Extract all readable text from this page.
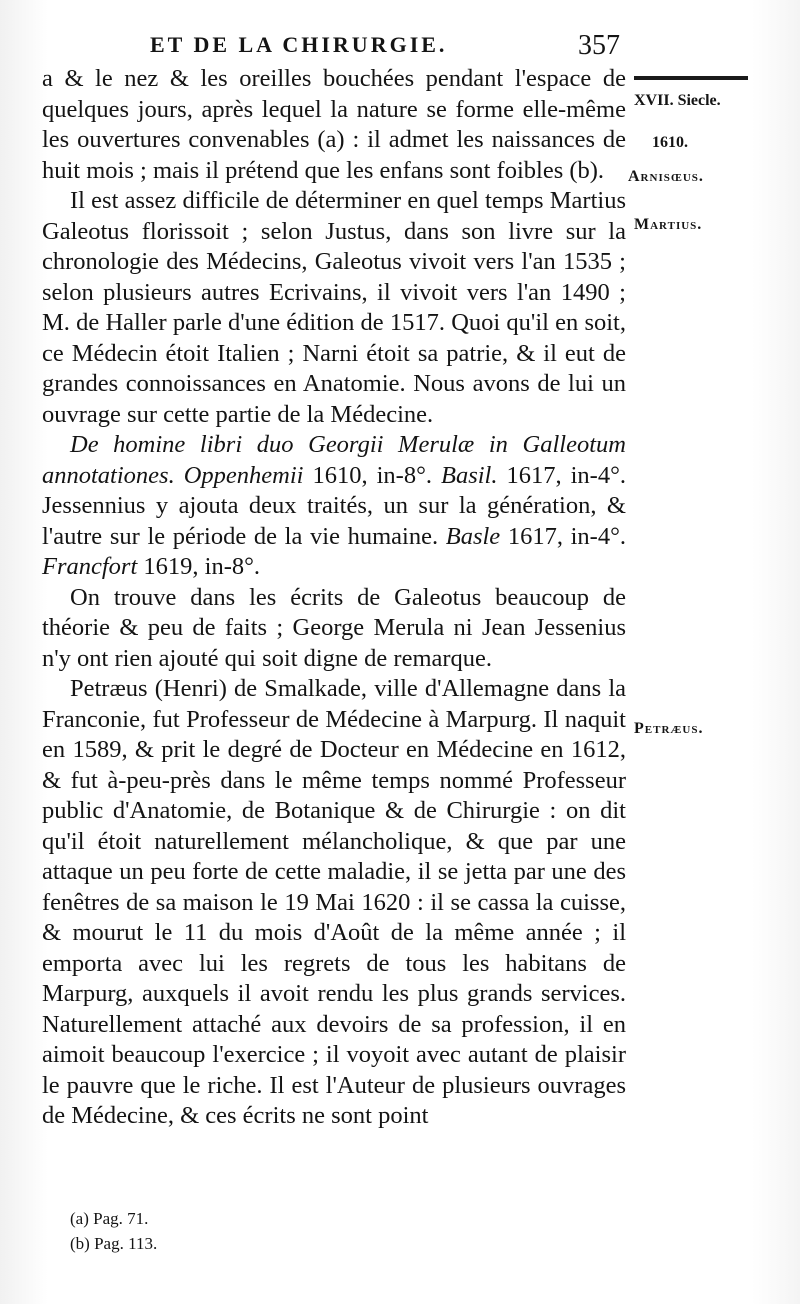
ET DE LA CHIRURGIE.	357
XVII. Siecle.
1610.
Arnisœus.
Martius.
Petræus.

a & le nez & les oreilles bouchées pendant l'espace de quelques jours, après lequel la nature se forme elle-même les ouvertures convenables (a) : il admet les naissances de huit mois ; mais il prétend que les enfans sont foibles (b).

Il est assez difficile de déterminer en quel temps Martius Galeotus florissoit ; selon Justus, dans son livre sur la chronologie des Médecins, Galeotus vivoit vers l'an 1535 ; selon plusieurs autres Ecrivains, il vivoit vers l'an 1490 ; M. de Haller parle d'une édition de 1517. Quoi qu'il en soit, ce Médecin étoit Italien ; Narni étoit sa patrie, & il eut de grandes connoissances en Anatomie. Nous avons de lui un ouvrage sur cette partie de la Médecine.

De homine libri duo Georgii Merulæ in Galleotum annotationes. Oppenhemii 1610, in-8°. Basil. 1617, in-4°. Jessennius y ajouta deux traités, un sur la génération, & l'autre sur le période de la vie humaine. Basle 1617, in-4°. Francfort 1619, in-8°.

On trouve dans les écrits de Galeotus beaucoup de théorie & peu de faits ; George Merula ni Jean Jessenius n'y ont rien ajouté qui soit digne de remarque.

Petræus (Henri) de Smalkade, ville d'Allemagne dans la Franconie, fut Professeur de Médecine à Marpurg. Il naquit en 1589, & prit le degré de Docteur en Médecine en 1612, & fut à-peu-près dans le même temps nommé Professeur public d'Anatomie, de Botanique & de Chirurgie : on dit qu'il étoit naturellement mélancholique, & que par une attaque un peu forte de cette maladie, il se jetta par une des fenêtres de sa maison le 19 Mai 1620 : il se cassa la cuisse, & mourut le 11 du mois d'Août de la même année ; il emporta avec lui les regrets de tous les habitans de Marpurg, auxquels il avoit rendu les plus grands services. Naturellement attaché aux devoirs de sa profession, il en aimoit beaucoup l'exercice ; il voyoit avec autant de plaisir le pauvre que le riche. Il est l'Auteur de plusieurs ouvrages de Médecine, & ces écrits ne sont point

(a) Pag. 71.
(b) Pag. 113.
